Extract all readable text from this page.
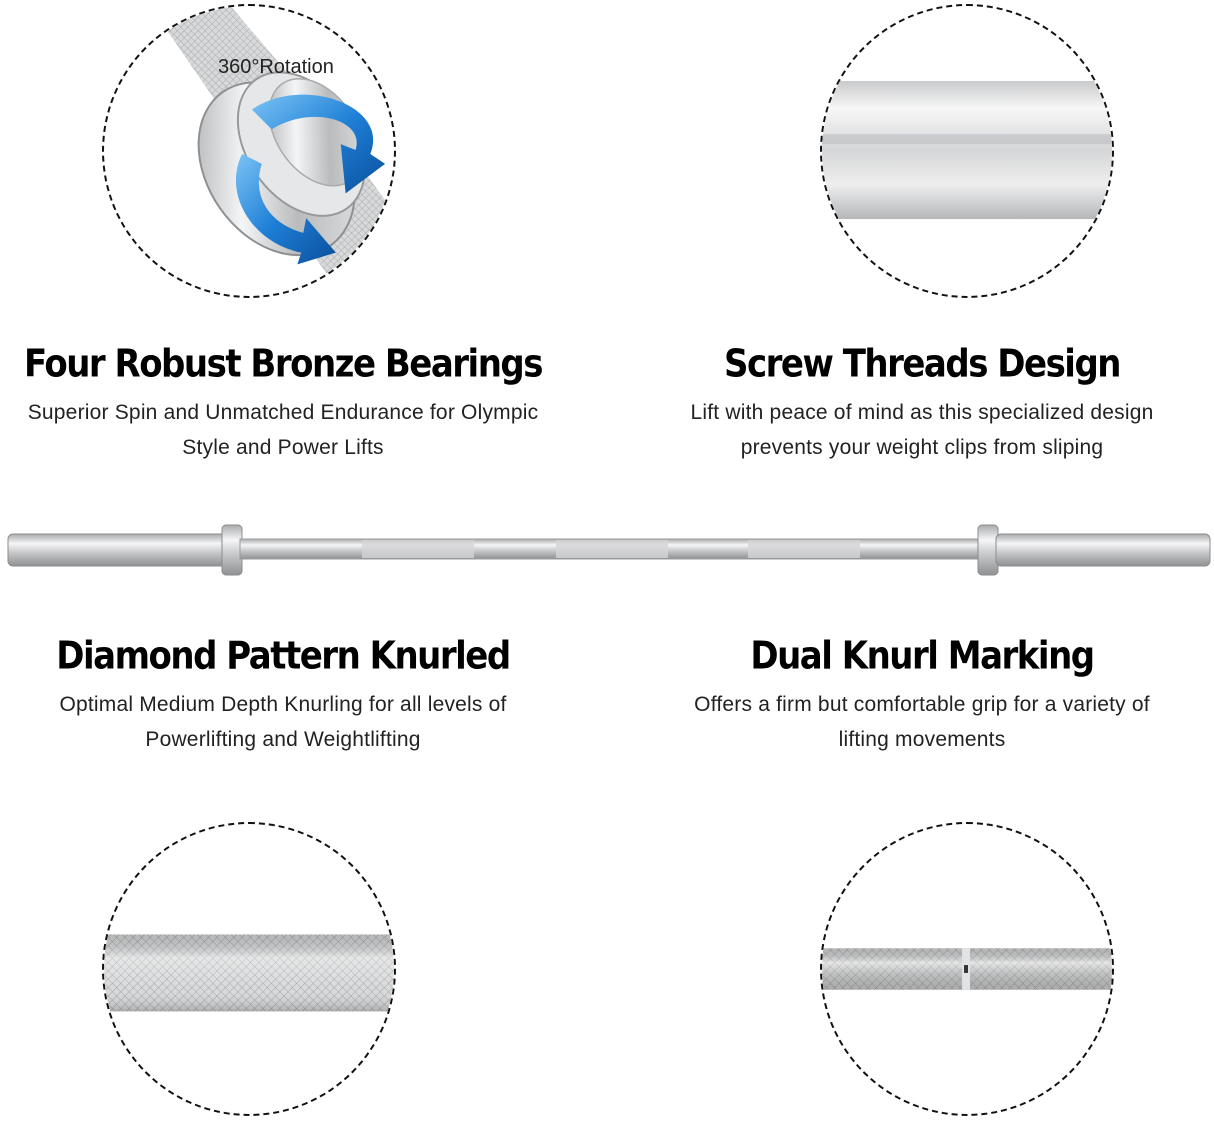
360°Rotation
Four Robust Bronze Bearings

Superior Spin and Unmatched Endurance for Olympic
Style and Power Lifts

Screw Threads Design

Lift with peace of mind as this specialized design
prevents your weight clips from sliping

Diamond Pattern Knurled

Optimal Medium Depth Knurling for all levels of
Powerlifting and Weightlifting

Dual Knurl Marking

Offers a firm but comfortable grip for a variety of
lifting movements
